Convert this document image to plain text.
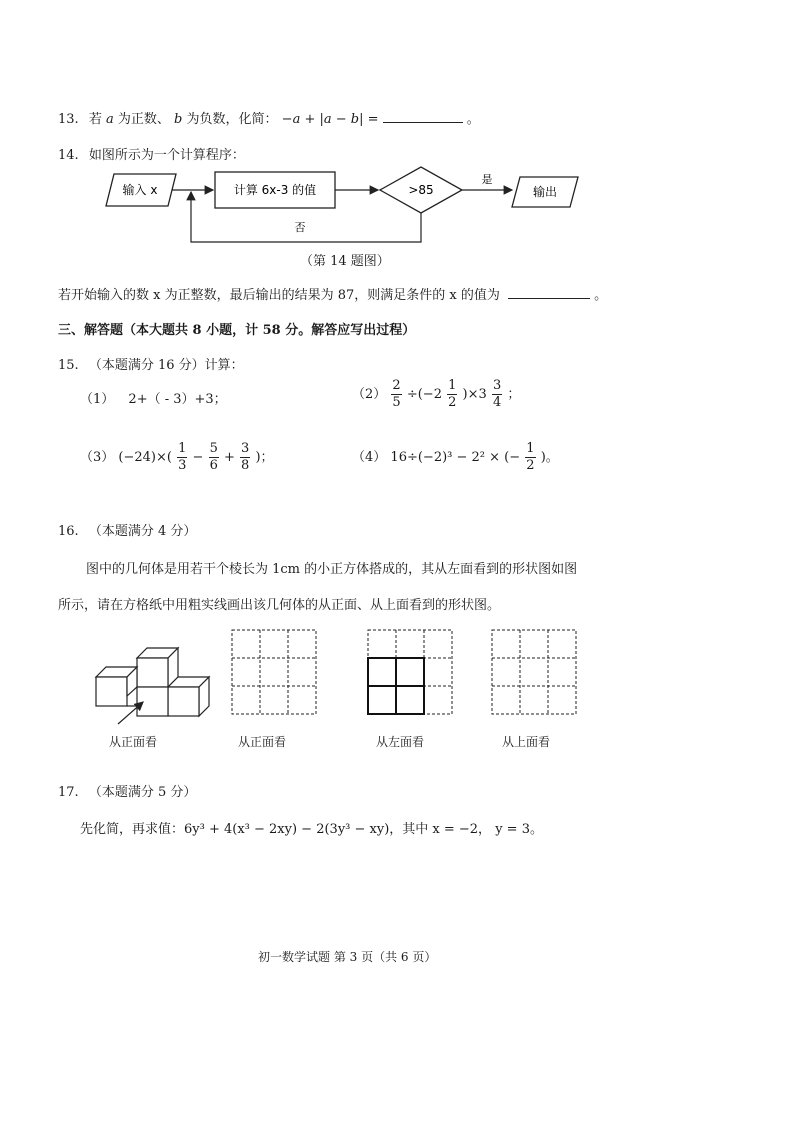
13. 若 a 为正数、 b 为负数，化简： −a + |a − b| =	。
14. 如图所示为一个计算程序：
输入 x	计算 6x-3 的值	>85
是
输出
否
（第 14 题图）
若开始输入的数 x 为正整数，最后输出的结果为 87，则满足条件的 x 的值为	。
三、解答题（本大题共 8 小题，计 58 分。解答应写出过程）
15. （本题满分 16 分）计算：
（1） 2+（ - 3）+3；	$(2) \frac{2}{5} \div(-2 \frac{1}{2} )\times 3 \frac{3}{4}$ ；
（3） $(-24)\times( \frac{1}{3} - \frac{5}{6} + \frac{3}{8}$ )；	（4） 16÷(−2)³ − 2² × (− $\frac{1}{2}$ )。
16. （本题满分 4 分）
图中的几何体是用若干个棱长为 1cm 的小正方体搭成的，其从左面看到的形状图如图
所示，请在方格纸中用粗实线画出该几何体的从正面、从上面看到的形状图。
从正面看	从正面看	从左面看	从上面看
17. （本题满分 5 分）
先化简，再求值：6y³ + 4(x³ − 2xy) − 2(3y³ − xy)，其中 x = −2， y = 3。
初一数学试题 第 3 页（共 6 页）
